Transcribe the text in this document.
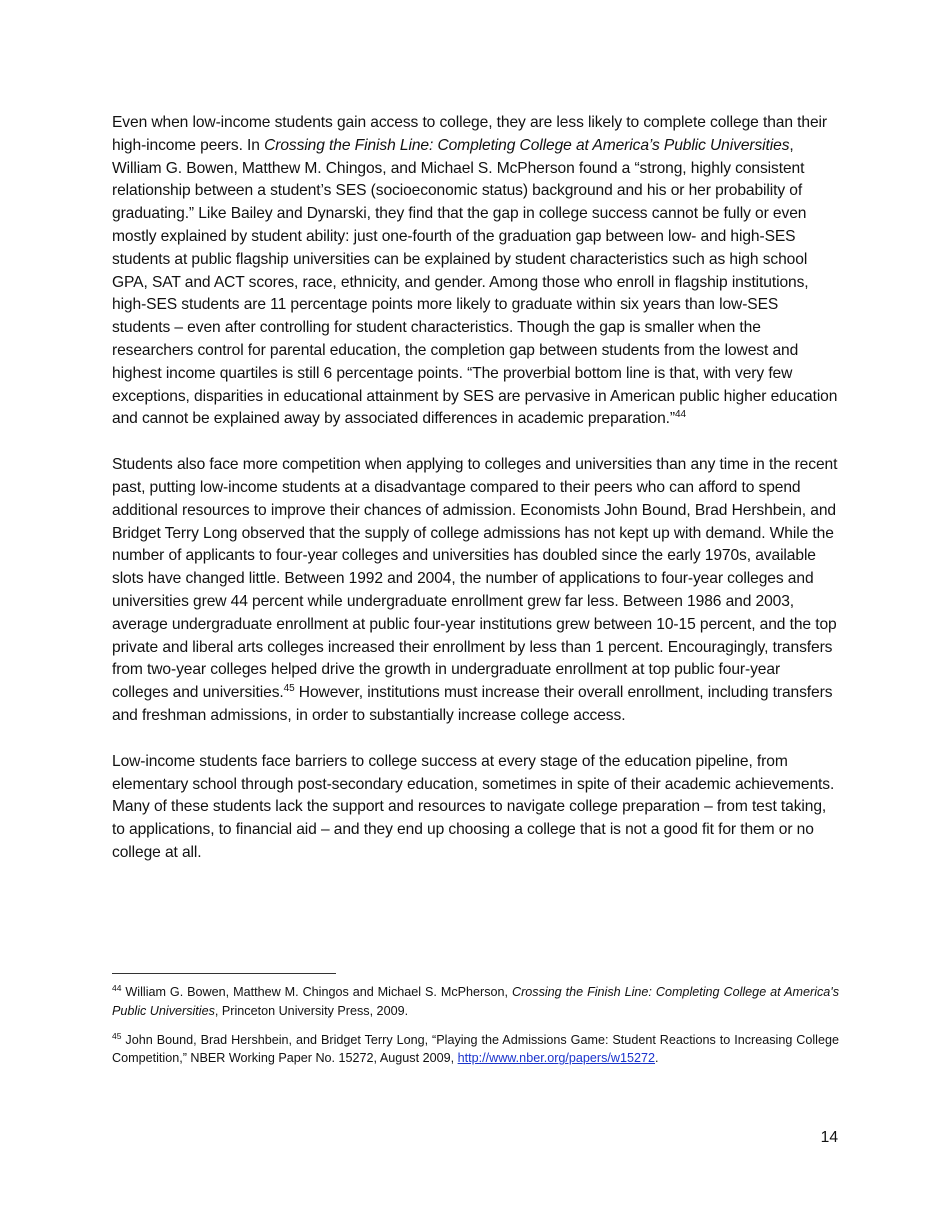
Even when low-income students gain access to college, they are less likely to complete college than their high-income peers. In Crossing the Finish Line: Completing College at America’s Public Universities, William G. Bowen, Matthew M. Chingos, and Michael S. McPherson found a “strong, highly consistent relationship between a student’s SES (socioeconomic status) background and his or her probability of graduating.” Like Bailey and Dynarski, they find that the gap in college success cannot be fully or even mostly explained by student ability: just one-fourth of the graduation gap between low- and high-SES students at public flagship universities can be explained by student characteristics such as high school GPA, SAT and ACT scores, race, ethnicity, and gender. Among those who enroll in flagship institutions, high-SES students are 11 percentage points more likely to graduate within six years than low-SES students – even after controlling for student characteristics. Though the gap is smaller when the researchers control for parental education, the completion gap between students from the lowest and highest income quartiles is still 6 percentage points. “The proverbial bottom line is that, with very few exceptions, disparities in educational attainment by SES are pervasive in American public higher education and cannot be explained away by associated differences in academic preparation.”$^{44}$

Students also face more competition when applying to colleges and universities than any time in the recent past, putting low-income students at a disadvantage compared to their peers who can afford to spend additional resources to improve their chances of admission. Economists John Bound, Brad Hershbein, and Bridget Terry Long observed that the supply of college admissions has not kept up with demand. While the number of applicants to four-year colleges and universities has doubled since the early 1970s, available slots have changed little. Between 1992 and 2004, the number of applications to four-year colleges and universities grew 44 percent while undergraduate enrollment grew far less. Between 1986 and 2003, average undergraduate enrollment at public four-year institutions grew between 10-15 percent, and the top private and liberal arts colleges increased their enrollment by less than 1 percent. Encouragingly, transfers from two-year colleges helped drive the growth in undergraduate enrollment at top public four-year colleges and universities.$^{45}$ However, institutions must increase their overall enrollment, including transfers and freshman admissions, in order to substantially increase college access.

Low-income students face barriers to college success at every stage of the education pipeline, from elementary school through post-secondary education, sometimes in spite of their academic achievements. Many of these students lack the support and resources to navigate college preparation – from test taking, to applications, to financial aid – and they end up choosing a college that is not a good fit for them or no college at all.

$^{44}$ William G. Bowen, Matthew M. Chingos and Michael S. McPherson, Crossing the Finish Line: Completing College at America's Public Universities, Princeton University Press, 2009.

$^{45}$ John Bound, Brad Hershbein, and Bridget Terry Long, “Playing the Admissions Game: Student Reactions to Increasing College Competition,” NBER Working Paper No. 15272, August 2009, http://www.nber.org/papers/w15272.

14
